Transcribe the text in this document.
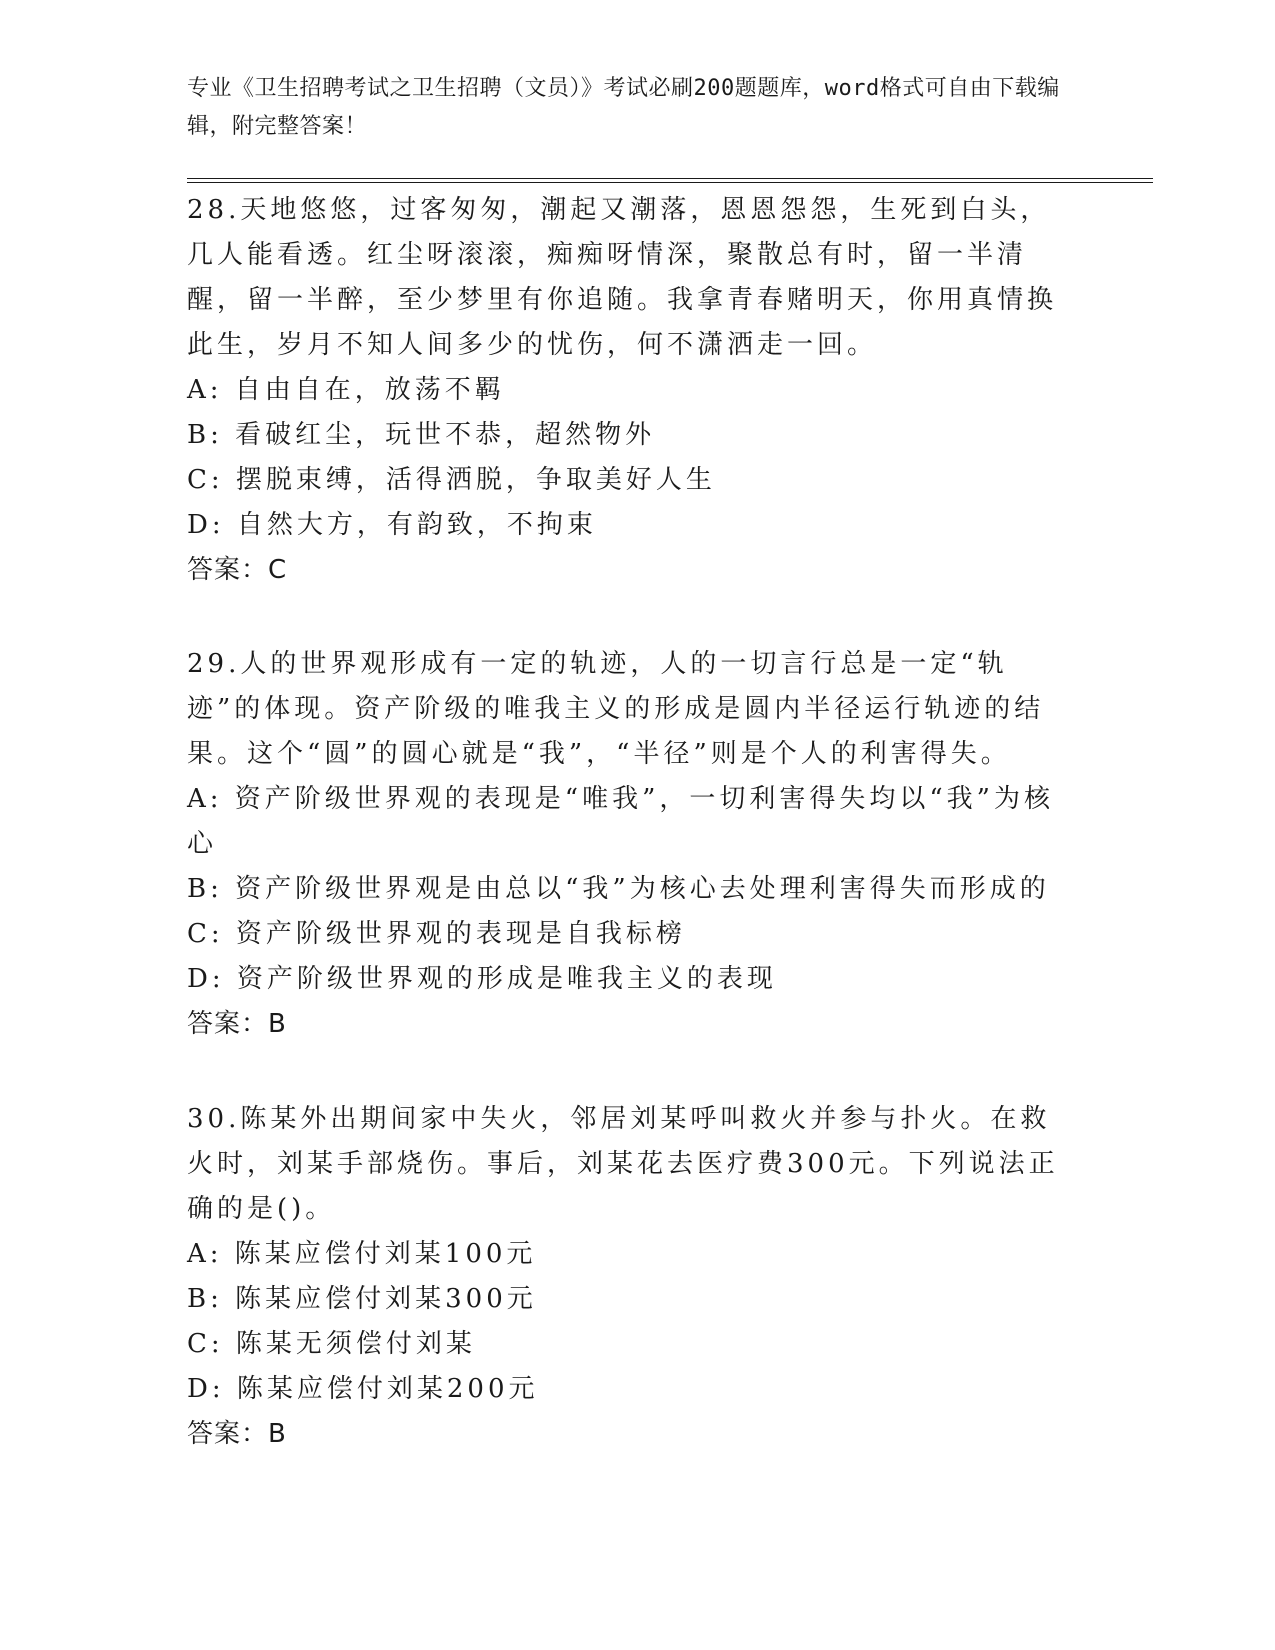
专业《卫生招聘考试之卫生招聘（文员）》考试必刷200题题库，word格式可自由下载编辑，附完整答案！

28.天地悠悠，过客匆匆，潮起又潮落，恩恩怨怨，生死到白头，几人能看透。红尘呀滚滚，痴痴呀情深，聚散总有时，留一半清醒，留一半醉，至少梦里有你追随。我拿青春赌明天，你用真情换此生，岁月不知人间多少的忧伤，何不潇洒走一回。

A: 自由自在，放荡不羁

B: 看破红尘，玩世不恭，超然物外

C: 摆脱束缚，活得洒脱，争取美好人生

D: 自然大方，有韵致，不拘束

答案：C

29.人的世界观形成有一定的轨迹，人的一切言行总是一定“轨迹”的体现。资产阶级的唯我主义的形成是圆内半径运行轨迹的结果。这个“圆”的圆心就是“我”，“半径”则是个人的利害得失。

A: 资产阶级世界观的表现是“唯我”，一切利害得失均以“我”为核心

B: 资产阶级世界观是由总以“我”为核心去处理利害得失而形成的

C: 资产阶级世界观的表现是自我标榜

D: 资产阶级世界观的形成是唯我主义的表现

答案：B

30.陈某外出期间家中失火，邻居刘某呼叫救火并参与扑火。在救火时，刘某手部烧伤。事后，刘某花去医疗费300元。下列说法正确的是()。

A: 陈某应偿付刘某100元

B: 陈某应偿付刘某300元

C: 陈某无须偿付刘某

D: 陈某应偿付刘某200元

答案：B
